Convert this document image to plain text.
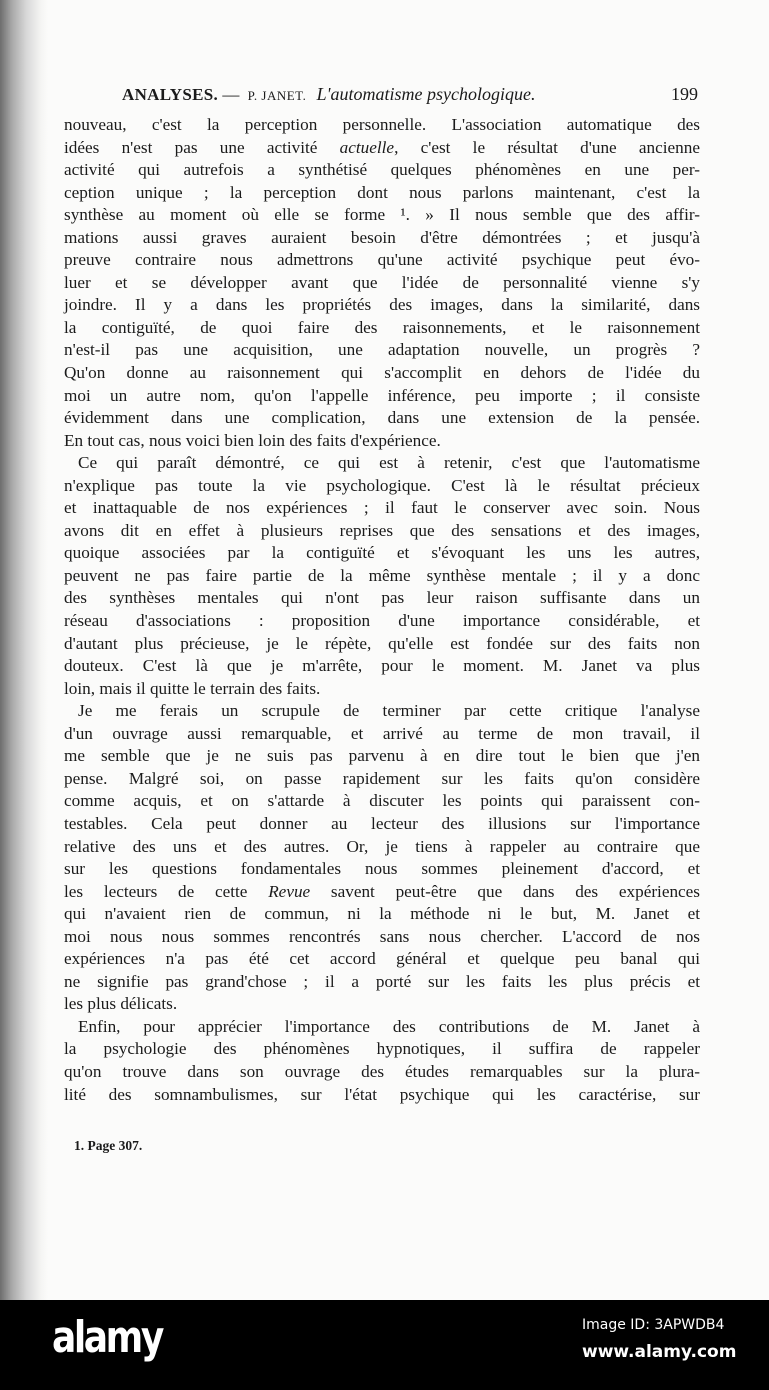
ANALYSES. — P. JANET. L'automatisme psychologique.	199
nouveau, c'est la perception personnelle. L'association automatique des
idées n'est pas une activité actuelle, c'est le résultat d'une ancienne
activité qui autrefois a synthétisé quelques phénomènes en une per-
ception unique ; la perception dont nous parlons maintenant, c'est la
synthèse au moment où elle se forme ¹. » Il nous semble que des affir-
mations aussi graves auraient besoin d'être démontrées ; et jusqu'à
preuve contraire nous admettrons qu'une activité psychique peut évo-
luer et se développer avant que l'idée de personnalité vienne s'y
joindre. Il y a dans les propriétés des images, dans la similarité, dans
la contiguïté, de quoi faire des raisonnements, et le raisonnement
n'est-il pas une acquisition, une adaptation nouvelle, un progrès ?
Qu'on donne au raisonnement qui s'accomplit en dehors de l'idée du
moi un autre nom, qu'on l'appelle inférence, peu importe ; il consiste
évidemment dans une complication, dans une extension de la pensée.
En tout cas, nous voici bien loin des faits d'expérience.
Ce qui paraît démontré, ce qui est à retenir, c'est que l'automatisme
n'explique pas toute la vie psychologique. C'est là le résultat précieux
et inattaquable de nos expériences ; il faut le conserver avec soin. Nous
avons dit en effet à plusieurs reprises que des sensations et des images,
quoique associées par la contiguïté et s'évoquant les uns les autres,
peuvent ne pas faire partie de la même synthèse mentale ; il y a donc
des synthèses mentales qui n'ont pas leur raison suffisante dans un
réseau d'associations : proposition d'une importance considérable, et
d'autant plus précieuse, je le répète, qu'elle est fondée sur des faits non
douteux. C'est là que je m'arrête, pour le moment. M. Janet va plus
loin, mais il quitte le terrain des faits.
Je me ferais un scrupule de terminer par cette critique l'analyse
d'un ouvrage aussi remarquable, et arrivé au terme de mon travail, il
me semble que je ne suis pas parvenu à en dire tout le bien que j'en
pense. Malgré soi, on passe rapidement sur les faits qu'on considère
comme acquis, et on s'attarde à discuter les points qui paraissent con-
testables. Cela peut donner au lecteur des illusions sur l'importance
relative des uns et des autres. Or, je tiens à rappeler au contraire que
sur les questions fondamentales nous sommes pleinement d'accord, et
les lecteurs de cette Revue savent peut-être que dans des expériences
qui n'avaient rien de commun, ni la méthode ni le but, M. Janet et
moi nous nous sommes rencontrés sans nous chercher. L'accord de nos
expériences n'a pas été cet accord général et quelque peu banal qui
ne signifie pas grand'chose ; il a porté sur les faits les plus précis et
les plus délicats.
Enfin, pour apprécier l'importance des contributions de M. Janet à
la psychologie des phénomènes hypnotiques, il suffira de rappeler
qu'on trouve dans son ouvrage des études remarquables sur la plura-
lité des somnambulismes, sur l'état psychique qui les caractérise, sur
1. Page 307.
alamy	Image ID: 3APWDB4
www.alamy.com
